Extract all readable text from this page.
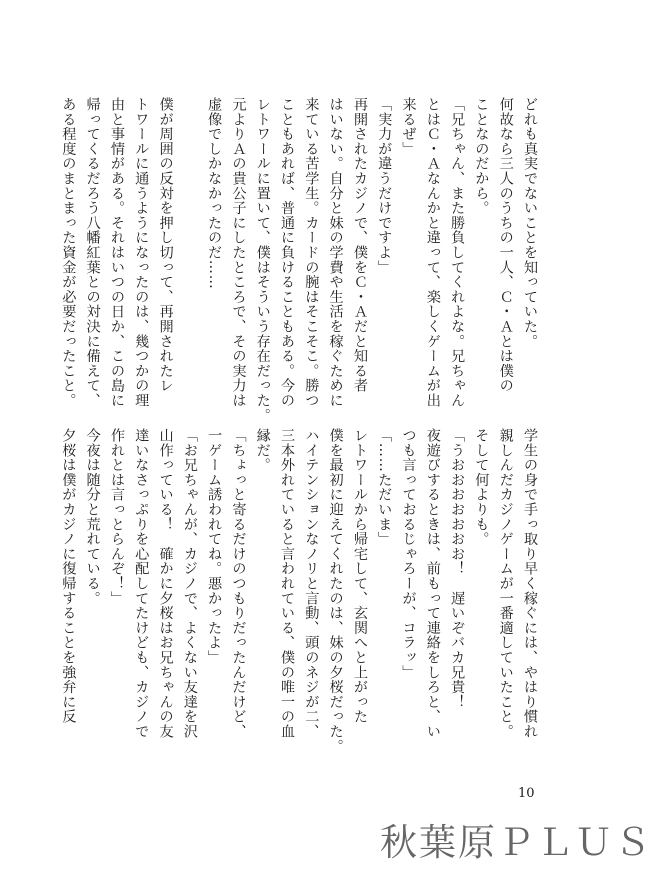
どれも真実でないことを知っていた。

何故なら三人のうちの一人、Ｃ・Ａとは僕の

ことなのだから。

「兄ちゃん、また勝負してくれよな。兄ちゃん

とはＣ・Ａなんかと違って、楽しくゲームが出

来るぜ」

「実力が違うだけですよ」

再開されたカジノで、僕をＣ・Ａだと知る者

はいない。自分と妹の学費や生活を稼ぐために

来ている苦学生。カードの腕はそこそこ。勝つ

こともあれば、普通に負けることもある。今の

レトワールに置いて、僕はそういう存在だった。

元よりＡの貴公子にしたところで、その実力は

虚像でしかなかったのだ……

僕が周囲の反対を押し切って、再開されたレ

トワールに通うようになったのは、幾つかの理

由と事情がある。それはいつの日か、この島に

帰ってくるだろう八幡紅葉との対決に備えて、

ある程度のまとまった資金が必要だったこと。

学生の身で手っ取り早く稼ぐには、やはり慣れ

親しんだカジノゲームが一番適していたこと。

そして何よりも。

「うおおおおおおお！　遅いぞバカ兄貴！

夜遊びするときは、前もって連絡をしろと、い

つも言っておるじゃろーが、コラッ」

「……ただいま」

レトワールから帰宅して、玄関へと上がった

僕を最初に迎えてくれたのは、妹の夕桜だった。

ハイテンションなノリと言動、頭のネジが二、

三本外れていると言われている、僕の唯一の血

縁だ。

「ちょっと寄るだけのつもりだったんだけど、

一ゲーム誘われてね。悪かったよ」

「お兄ちゃんが、カジノで、よくない友達を沢

山作っている！　確かに夕桜はお兄ちゃんの友

達いなさっぷりを心配してたけども、カジノで

作れとは言っとらんぞ！」

今夜は随分と荒れている。

夕桜は僕がカジノに復帰することを強弁に反

10
秋葉原ＰＬＵＳ
